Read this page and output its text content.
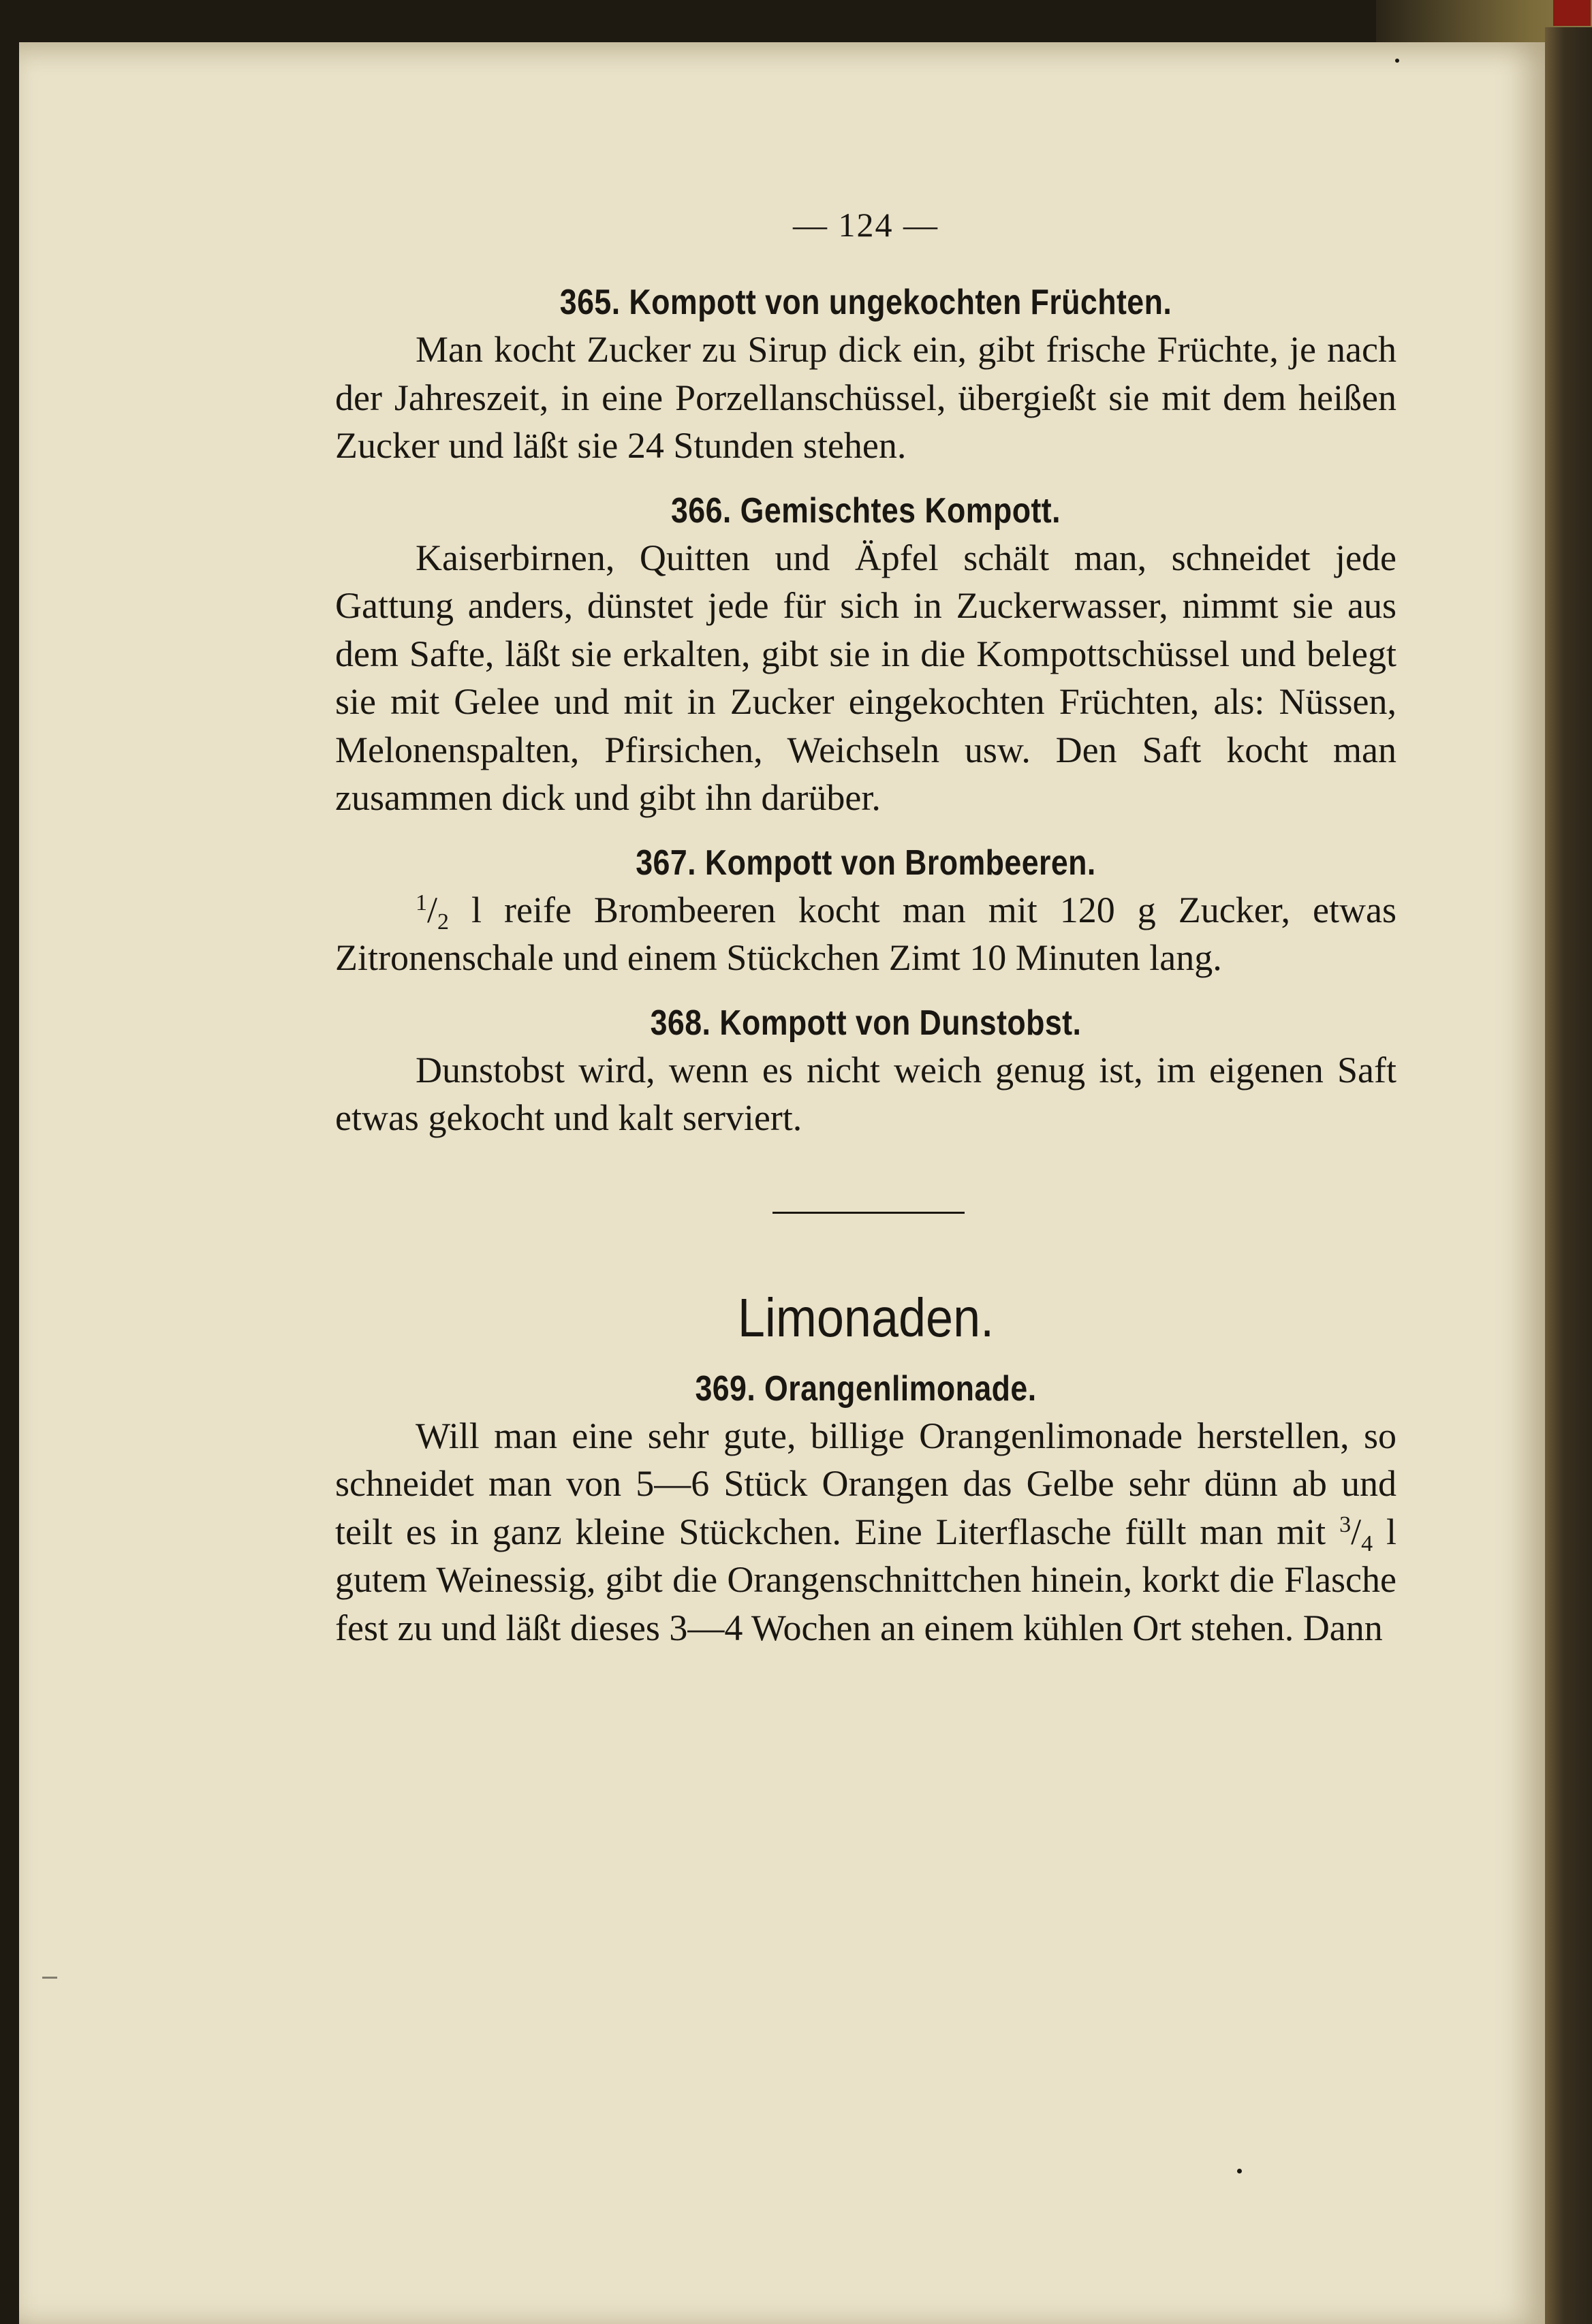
— 124 —
365. Kompott von ungekochten Früchten.

Man kocht Zucker zu Sirup dick ein, gibt frische Früchte, je nach der Jahreszeit, in eine Porzellanschüssel, übergießt sie mit dem heißen Zucker und läßt sie 24 Stunden stehen.

366. Gemischtes Kompott.

Kaiserbirnen, Quitten und Äpfel schält man, schneidet jede Gattung anders, dünstet jede für sich in Zuckerwasser, nimmt sie aus dem Safte, läßt sie erkalten, gibt sie in die Kompottschüssel und belegt sie mit Gelee und mit in Zucker eingekochten Früchten, als: Nüssen, Melonenspalten, Pfirsichen, Weichseln usw. Den Saft kocht man zusammen dick und gibt ihn darüber.

367. Kompott von Brombeeren.

$^1/_2$ l reife Brombeeren kocht man mit 120 g Zucker, etwas Zitronenschale und einem Stückchen Zimt 10 Minuten lang.

368. Kompott von Dunstobst.

Dunstobst wird, wenn es nicht weich genug ist, im eigenen Saft etwas gekocht und kalt serviert.

Limonaden.
369. Orangenlimonade.

Will man eine sehr gute, billige Orangenlimonade herstellen, so schneidet man von 5—6 Stück Orangen das Gelbe sehr dünn ab und teilt es in ganz kleine Stückchen. Eine Literflasche füllt man mit $^3/_4$ l gutem Weinessig, gibt die Orangenschnittchen hinein, korkt die Flasche fest zu und läßt dieses 3—4 Wochen an einem kühlen Ort stehen. Dann
